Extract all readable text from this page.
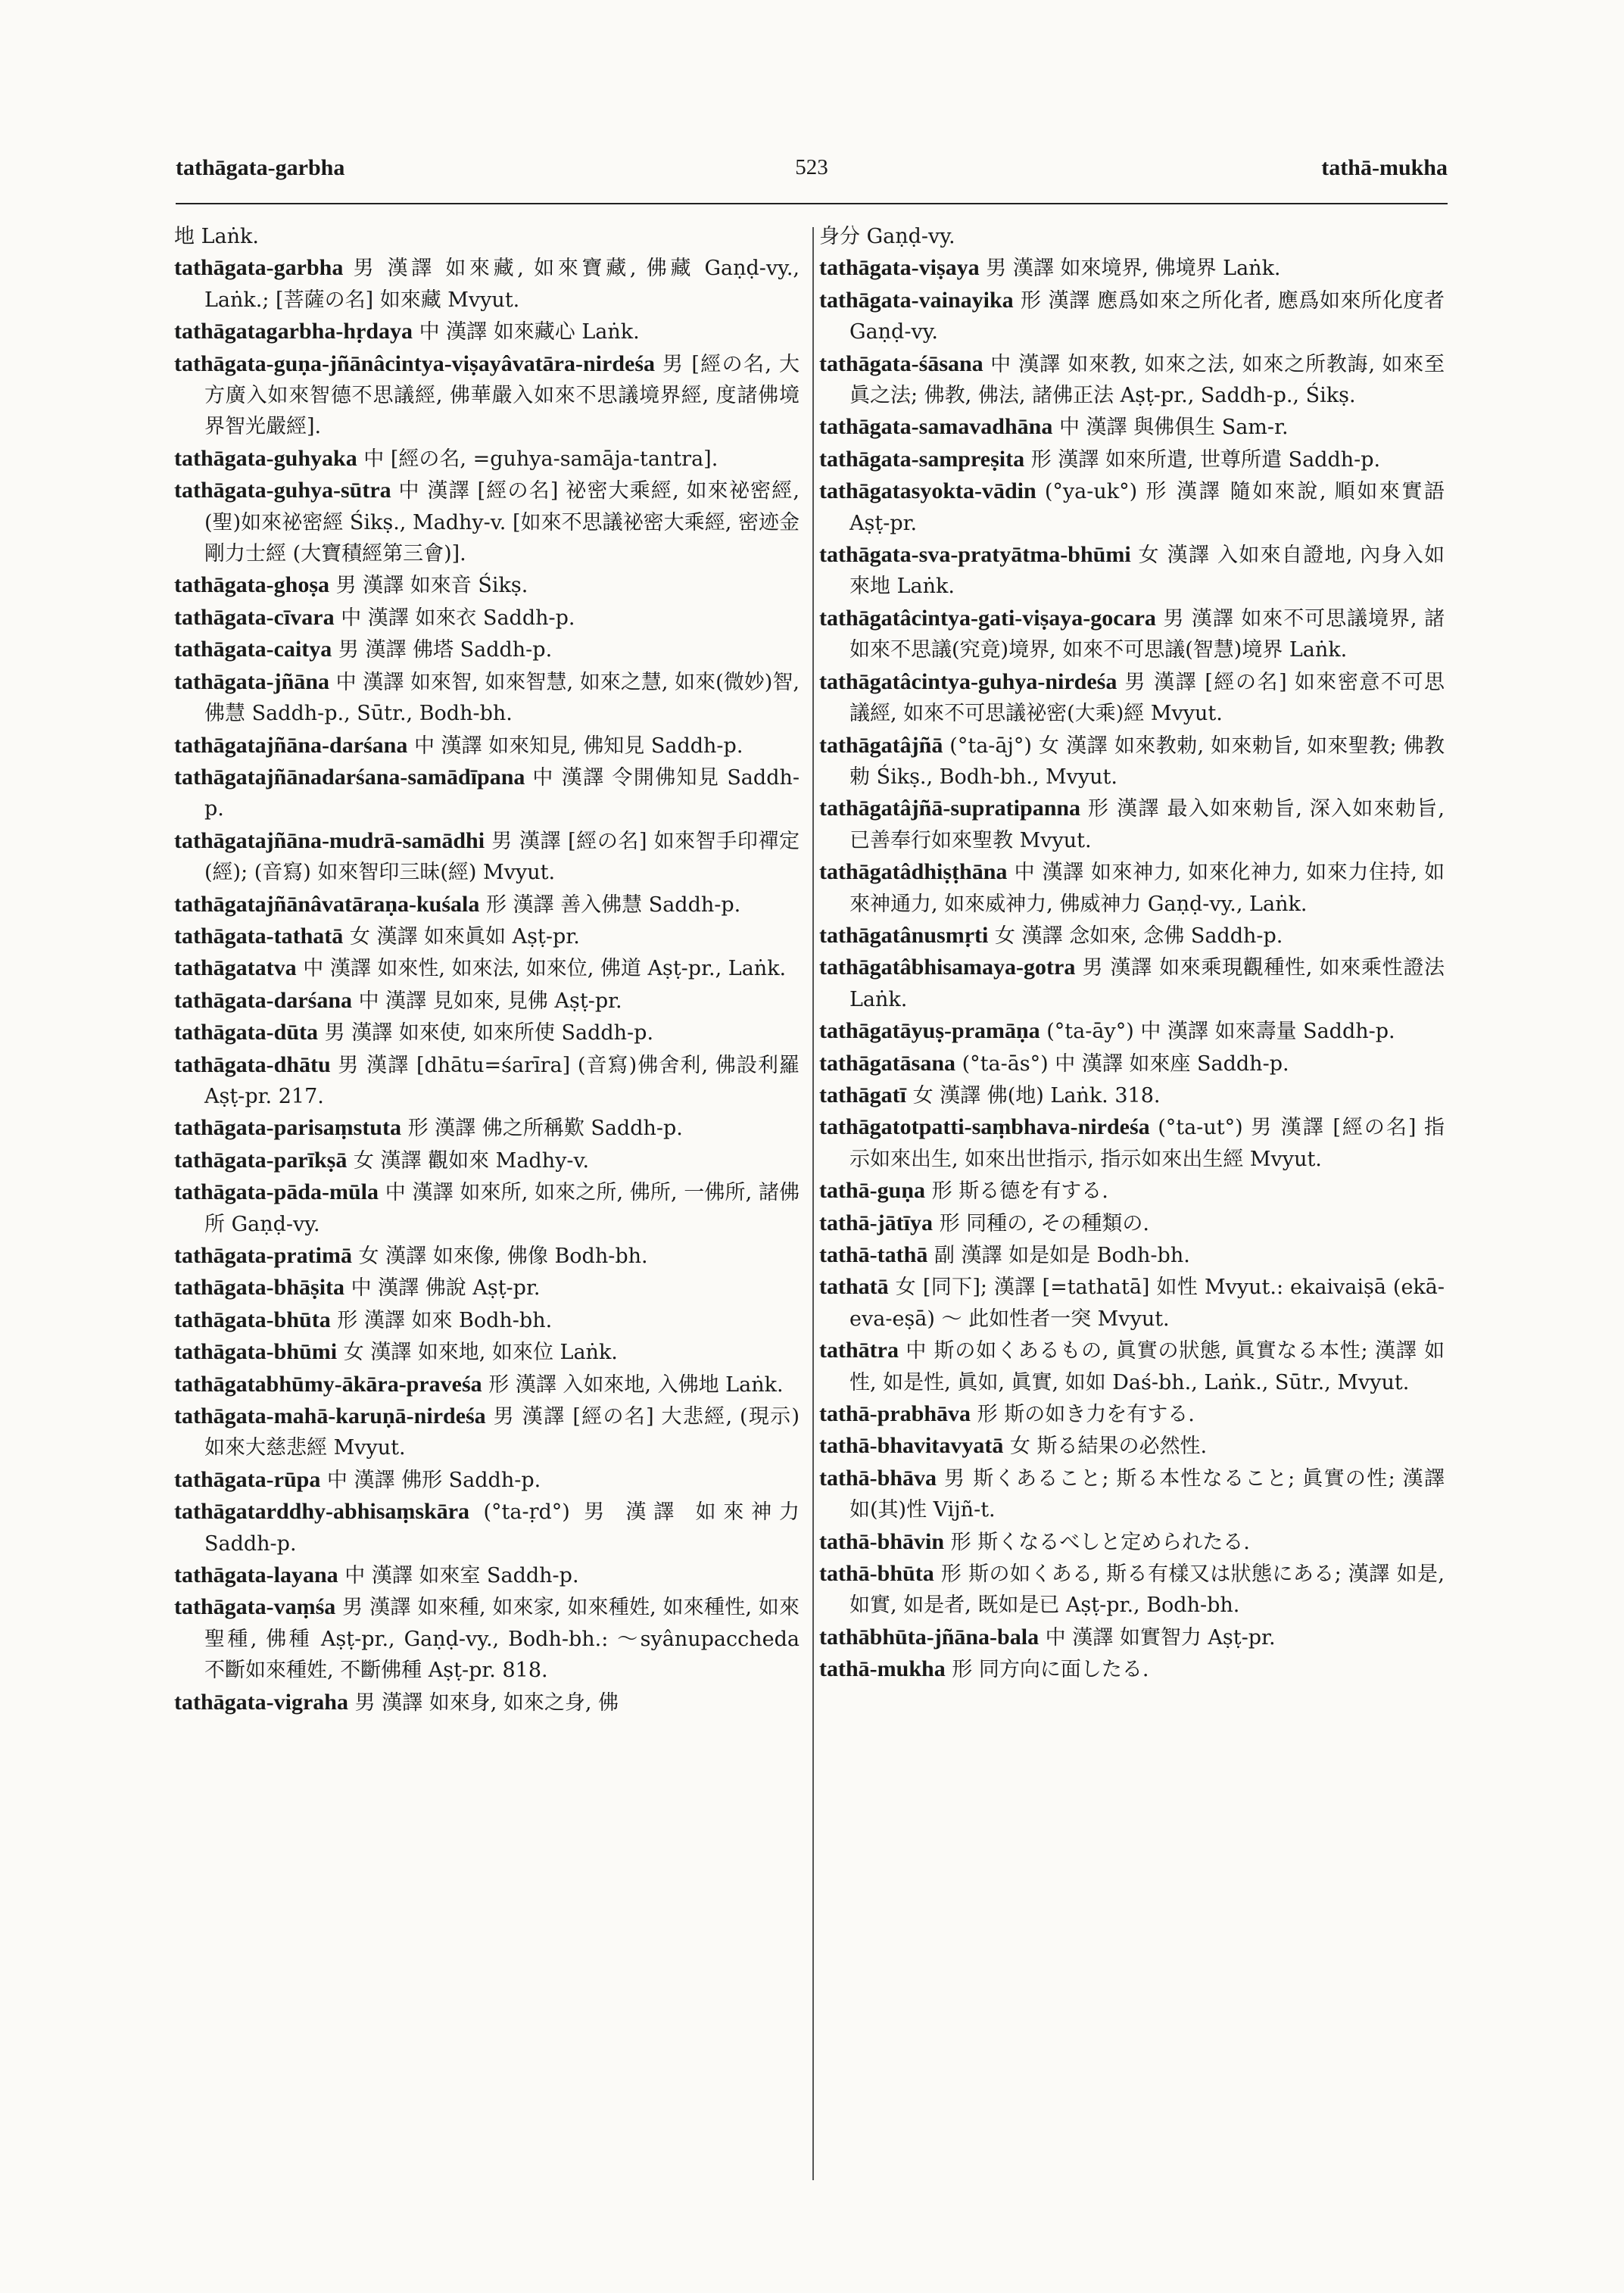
tathāgata-garbha	523	tathā-mukha
地 Laṅk.
tathāgata-garbha 男 漢譯 如來藏, 如來寶藏, 佛藏 Gaṇḍ-vy., Laṅk.; [菩薩の名] 如來藏 Mvyut.
tathāgatagarbha-hṛdaya 中 漢譯 如來藏心 Laṅk.
tathāgata-guṇa-jñānâcintya-viṣayâvatāra-nirdeśa 男 [經の名, 大方廣入如來智德不思議經, 佛華嚴入如來不思議境界經, 度諸佛境界智光嚴經].
tathāgata-guhyaka 中 [經の名, =guhya-samāja-tantra].
tathāgata-guhya-sūtra 中 漢譯 [經の名] 祕密大乘經, 如來祕密經, (聖)如來祕密經 Śikṣ., Madhy-v. [如來不思議祕密大乘經, 密迹金剛力士經 (大寶積經第三會)].
tathāgata-ghoṣa 男 漢譯 如來音 Śikṣ.
tathāgata-cīvara 中 漢譯 如來衣 Saddh-p.
tathāgata-caitya 男 漢譯 佛塔 Saddh-p.
tathāgata-jñāna 中 漢譯 如來智, 如來智慧, 如來之慧, 如來(微妙)智, 佛慧 Saddh-p., Sūtr., Bodh-bh.
tathāgatajñāna-darśana 中 漢譯 如來知見, 佛知見 Saddh-p.
tathāgatajñānadarśana-samādīpana 中 漢譯 令開佛知見 Saddh-p.
tathāgatajñāna-mudrā-samādhi 男 漢譯 [經の名] 如來智手印禪定(經); (音寫) 如來智印三昧(經) Mvyut.
tathāgatajñānâvatāraṇa-kuśala 形 漢譯 善入佛慧 Saddh-p.
tathāgata-tathatā 女 漢譯 如來眞如 Aṣṭ-pr.
tathāgatatva 中 漢譯 如來性, 如來法, 如來位, 佛道 Aṣṭ-pr., Laṅk.
tathāgata-darśana 中 漢譯 見如來, 見佛 Aṣṭ-pr.
tathāgata-dūta 男 漢譯 如來使, 如來所使 Saddh-p.
tathāgata-dhātu 男 漢譯 [dhātu=śarīra] (音寫)佛舍利, 佛設利羅 Aṣṭ-pr. 217.
tathāgata-parisaṃstuta 形 漢譯 佛之所稱歎 Saddh-p.
tathāgata-parīkṣā 女 漢譯 觀如來 Madhy-v.
tathāgata-pāda-mūla 中 漢譯 如來所, 如來之所, 佛所, 一佛所, 諸佛所 Gaṇḍ-vy.
tathāgata-pratimā 女 漢譯 如來像, 佛像 Bodh-bh.
tathāgata-bhāṣita 中 漢譯 佛說 Aṣṭ-pr.
tathāgata-bhūta 形 漢譯 如來 Bodh-bh.
tathāgata-bhūmi 女 漢譯 如來地, 如來位 Laṅk.
tathāgatabhūmy-ākāra-praveśa 形 漢譯 入如來地, 入佛地 Laṅk.
tathāgata-mahā-karuṇā-nirdeśa 男 漢譯 [經の名] 大悲經, (現示)如來大慈悲經 Mvyut.
tathāgata-rūpa 中 漢譯 佛形 Saddh-p.
tathāgatarddhy-abhisaṃskāra (°ta-ṛd°) 男 漢譯 如來神力 Saddh-p.
tathāgata-layana 中 漢譯 如來室 Saddh-p.
tathāgata-vaṃśa 男 漢譯 如來種, 如來家, 如來種姓, 如來種性, 如來聖種, 佛種 Aṣṭ-pr., Gaṇḍ-vy., Bodh-bh.: ～syânupaccheda 不斷如來種姓, 不斷佛種 Aṣṭ-pr. 818.
tathāgata-vigraha 男 漢譯 如來身, 如來之身, 佛
身分 Gaṇḍ-vy.
tathāgata-viṣaya 男 漢譯 如來境界, 佛境界 Laṅk.
tathāgata-vainayika 形 漢譯 應爲如來之所化者, 應爲如來所化度者 Gaṇḍ-vy.
tathāgata-śāsana 中 漢譯 如來教, 如來之法, 如來之所教誨, 如來至眞之法; 佛教, 佛法, 諸佛正法 Aṣṭ-pr., Saddh-p., Śikṣ.
tathāgata-samavadhāna 中 漢譯 與佛俱生 Sam-r.
tathāgata-sampreṣita 形 漢譯 如來所遣, 世尊所遣 Saddh-p.
tathāgatasyokta-vādin (°ya-uk°) 形 漢譯 隨如來說, 順如來實語 Aṣṭ-pr.
tathāgata-sva-pratyātma-bhūmi 女 漢譯 入如來自證地, 內身入如來地 Laṅk.
tathāgatâcintya-gati-viṣaya-gocara 男 漢譯 如來不可思議境界, 諸如來不思議(究竟)境界, 如來不可思議(智慧)境界 Laṅk.
tathāgatâcintya-guhya-nirdeśa 男 漢譯 [經の名] 如來密意不可思議經, 如來不可思議祕密(大乘)經 Mvyut.
tathāgatâjñā (°ta-āj°) 女 漢譯 如來教勅, 如來勅旨, 如來聖教; 佛教勅 Śikṣ., Bodh-bh., Mvyut.
tathāgatâjñā-supratipanna 形 漢譯 最入如來勅旨, 深入如來勅旨, 已善奉行如來聖教 Mvyut.
tathāgatâdhiṣṭhāna 中 漢譯 如來神力, 如來化神力, 如來力住持, 如來神通力, 如來威神力, 佛威神力 Gaṇḍ-vy., Laṅk.
tathāgatânusmṛti 女 漢譯 念如來, 念佛 Saddh-p.
tathāgatâbhisamaya-gotra 男 漢譯 如來乘現觀種性, 如來乘性證法 Laṅk.
tathāgatāyuṣ-pramāṇa (°ta-āy°) 中 漢譯 如來壽量 Saddh-p.
tathāgatāsana (°ta-ās°) 中 漢譯 如來座 Saddh-p.
tathāgatī 女 漢譯 佛(地) Laṅk. 318.
tathāgatotpatti-saṃbhava-nirdeśa (°ta-ut°) 男 漢譯 [經の名] 指示如來出生, 如來出世指示, 指示如來出生經 Mvyut.
tathā-guṇa 形 斯る德を有する.
tathā-jātīya 形 同種の, その種類の.
tathā-tathā 副 漢譯 如是如是 Bodh-bh.
tathatā 女 [同下]; 漢譯 [=tathatā] 如性 Mvyut.: ekaivaiṣā (ekā-eva-eṣā) ～ 此如性者一突 Mvyut.
tathātra 中 斯の如くあるもの, 眞實の狀態, 眞實なる本性; 漢譯 如性, 如是性, 眞如, 眞實, 如如 Daś-bh., Laṅk., Sūtr., Mvyut.
tathā-prabhāva 形 斯の如き力を有する.
tathā-bhavitavyatā 女 斯る結果の必然性.
tathā-bhāva 男 斯くあること; 斯る本性なること; 眞實の性; 漢譯 如(其)性 Vijñ-t.
tathā-bhāvin 形 斯くなるべしと定められたる.
tathā-bhūta 形 斯の如くある, 斯る有樣又は狀態にある; 漢譯 如是, 如實, 如是者, 既如是已 Aṣṭ-pr., Bodh-bh.
tathābhūta-jñāna-bala 中 漢譯 如實智力 Aṣṭ-pr.
tathā-mukha 形 同方向に面したる.
